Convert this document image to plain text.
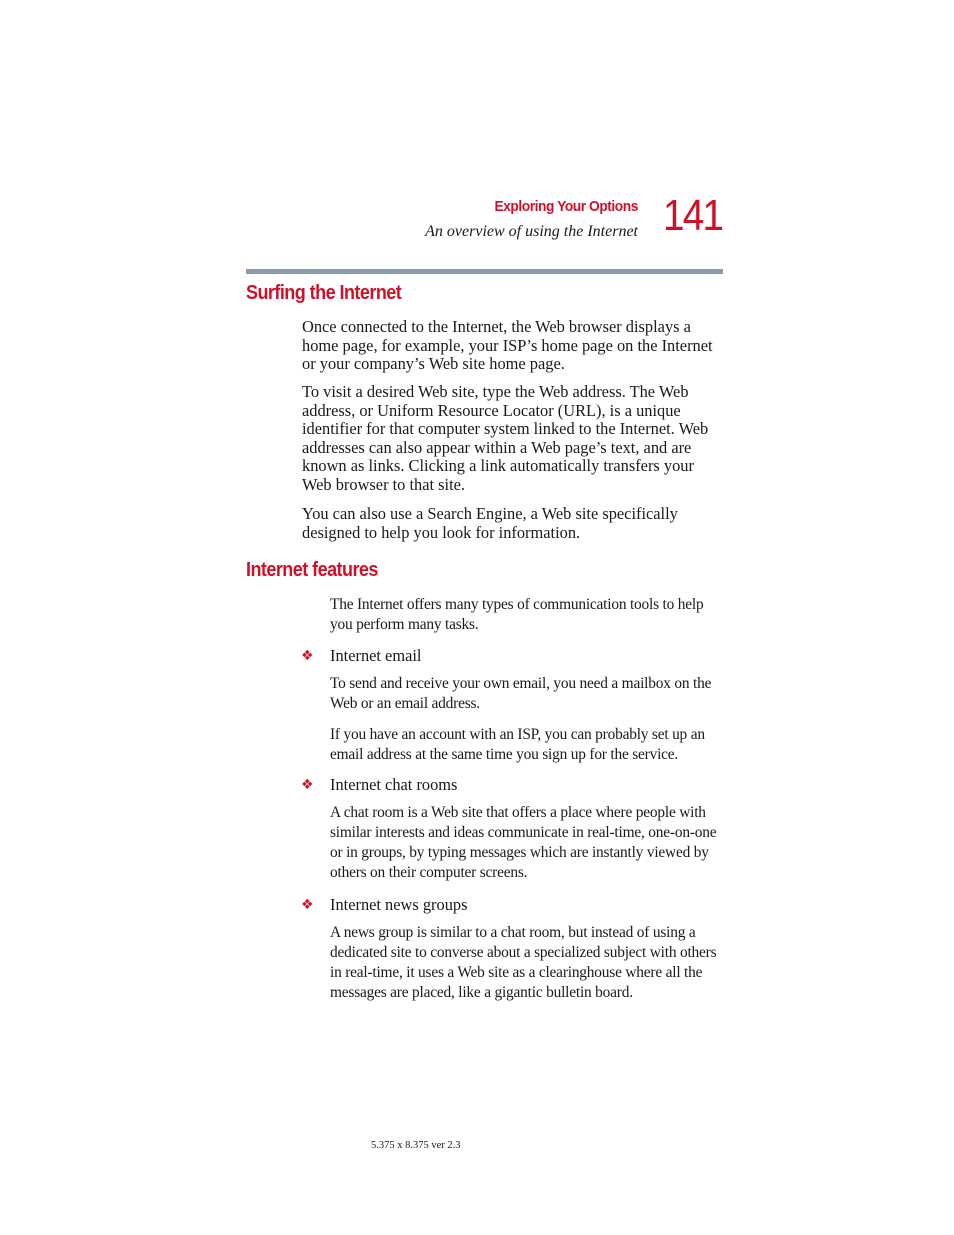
Exploring Your Options
An overview of using the Internet 141
Surfing the Internet

Once connected to the Internet, the Web browser displays a home page, for example, your ISP’s home page on the Internet or your company’s Web site home page.

To visit a desired Web site, type the Web address. The Web address, or Uniform Resource Locator (URL), is a unique identifier for that computer system linked to the Internet. Web addresses can also appear within a Web page’s text, and are known as links. Clicking a link automatically transfers your Web browser to that site.

You can also use a Search Engine, a Web site specifically designed to help you look for information.

Internet features

The Internet offers many types of communication tools to help you perform many tasks.

❖ Internet email

To send and receive your own email, you need a mailbox on the Web or an email address.

If you have an account with an ISP, you can probably set up an email address at the same time you sign up for the service.

❖ Internet chat rooms

A chat room is a Web site that offers a place where people with similar interests and ideas communicate in real-time, one-on-one or in groups, by typing messages which are instantly viewed by others on their computer screens.

❖ Internet news groups

A news group is similar to a chat room, but instead of using a dedicated site to converse about a specialized subject with others in real-time, it uses a Web site as a clearinghouse where all the messages are placed, like a gigantic bulletin board.

5.375 x 8.375 ver 2.3
